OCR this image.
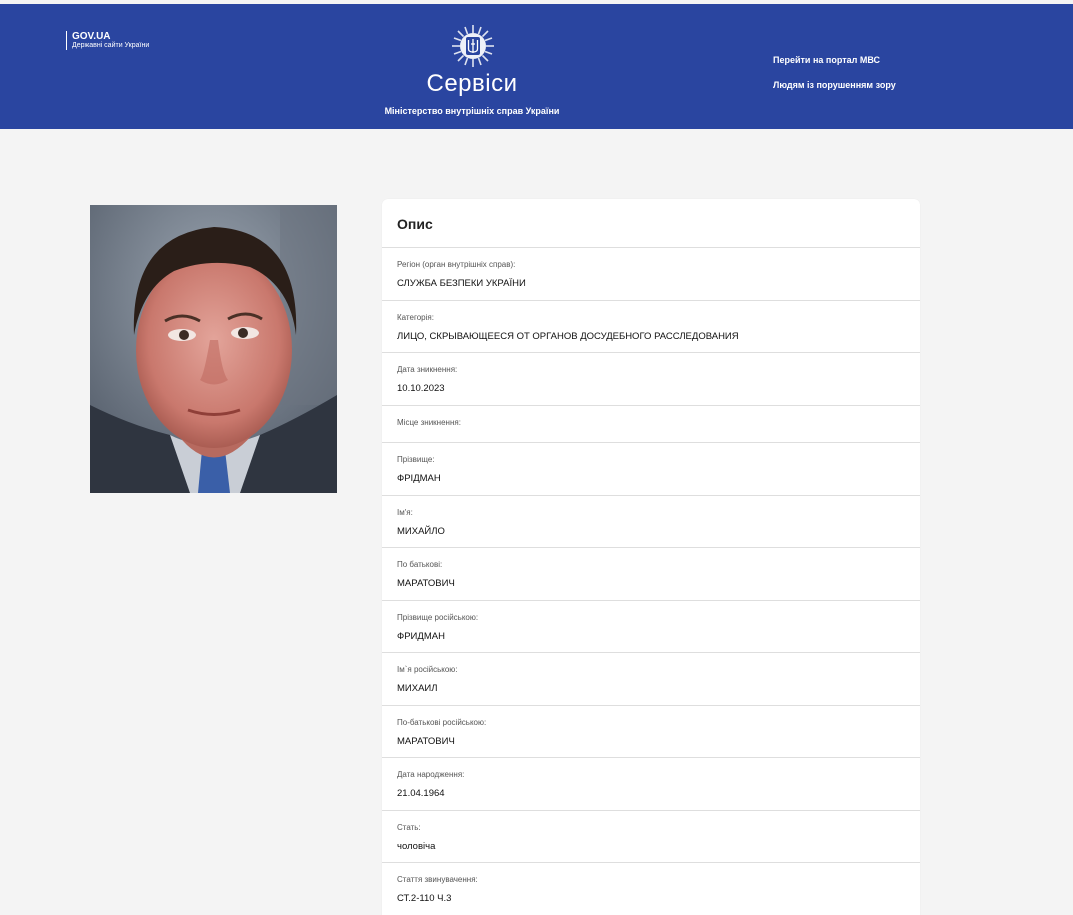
GOV.UA
Державні сайти України
Сервіси
Міністерство внутрішніх справ України
Перейти на портал МВС
Людям із порушенням зору
Опис
Регіон (орган внутрішніх справ):
СЛУЖБА БЕЗПЕКИ УКРАЇНИ
Категорія:
ЛИЦО, СКРЫВАЮЩЕЕСЯ ОТ ОРГАНОВ ДОСУДЕБНОГО РАССЛЕДОВАНИЯ
Дата зникнення:
10.10.2023
Місце зникнення:
Прізвище:
ФРІДМАН
Ім'я:
МИХАЙЛО
По батькові:
МАРАТОВИЧ
Прізвище російською:
ФРИДМАН
Ім`я російською:
МИХАИЛ
По-батькові російською:
МАРАТОВИЧ
Дата народження:
21.04.1964
Стать:
чоловіча
Стаття звинувачення:
СТ.2-110 Ч.3
